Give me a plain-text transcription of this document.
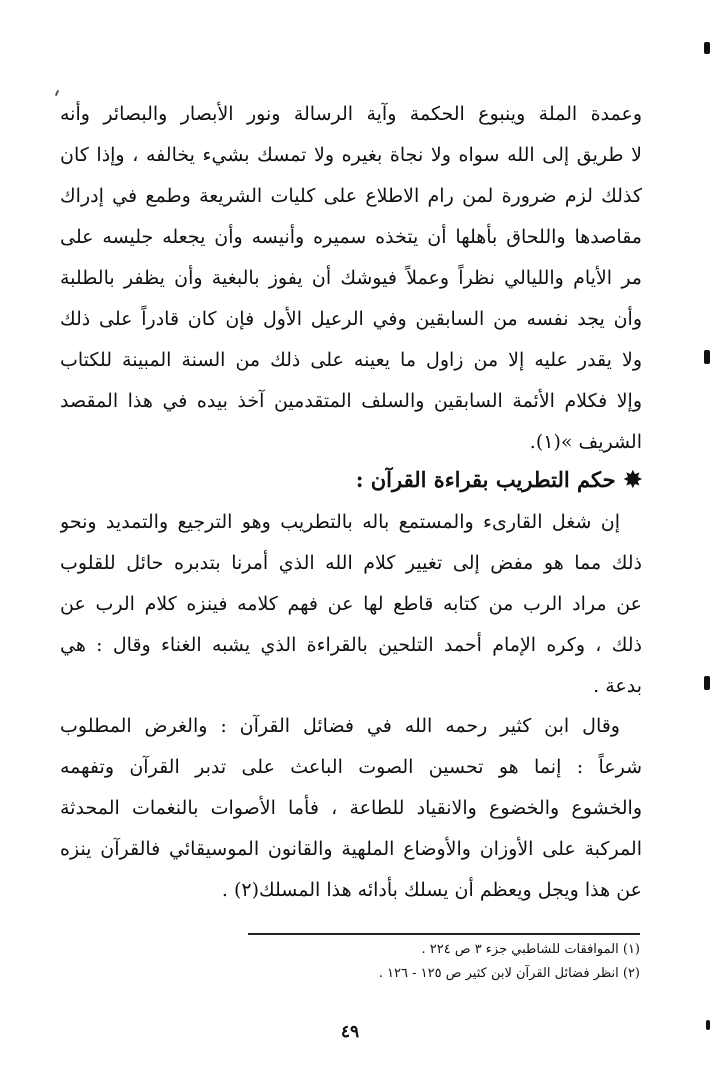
وعمدة الملة وينبوع الحكمة وآية الرسالة ونور الأبصار والبصائر وأنه
لا طريق إلى الله سواه ولا نجاة بغيره ولا تمسك بشيء يخالفه ، وإذا كان
كذلك لزم ضرورة لمن رام الاطلاع على كليات الشريعة وطمع في إدراك
مقاصدها واللحاق بأهلها أن يتخذه سميره وأنيسه وأن يجعله جليسه على
مر الأيام والليالي نظراً وعملاً فيوشك أن يفوز بالبغية وأن يظفر بالطلبة
وأن يجد نفسه من السابقين وفي الرعيل الأول فإن كان قادراً على ذلك
ولا يقدر عليه إلا من زاول ما يعينه على ذلك من السنة المبينة للكتاب
وإلا فكلام الأئمة السابقين والسلف المتقدمين آخذ بيده في هذا المقصد
الشريف »(١).
✸حكم التطريب بقراءة القرآن :
إن شغل القارىء والمستمع باله بالتطريب وهو الترجيع والتمديد ونحو
ذلك مما هو مفض إلى تغيير كلام الله الذي أمرنا بتدبره حائل للقلوب
عن مراد الرب من كتابه قاطع لها عن فهم كلامه فينزه كلام الرب عن
ذلك ، وكره الإمام أحمد التلحين بالقراءة الذي يشبه الغناء وقال : هي
بدعة .
وقال ابن كثير رحمه الله في فضائل القرآن : والغرض المطلوب
شرعاً : إنما هو تحسين الصوت الباعث على تدبر القرآن وتفهمه
والخشوع والخضوع والانقياد للطاعة ، فأما الأصوات بالنغمات المحدثة
المركبة على الأوزان والأوضاع الملهية والقانون الموسيقائي فالقرآن ينزه
عن هذا ويجل ويعظم أن يسلك بأدائه هذا المسلك(٢) .
(١) الموافقات للشاطبي جزء ٣ ص ٢٢٤ .
(٢) انظر فضائل القرآن لابن كثير ص ١٢٥ - ١٢٦ .
٤٩
